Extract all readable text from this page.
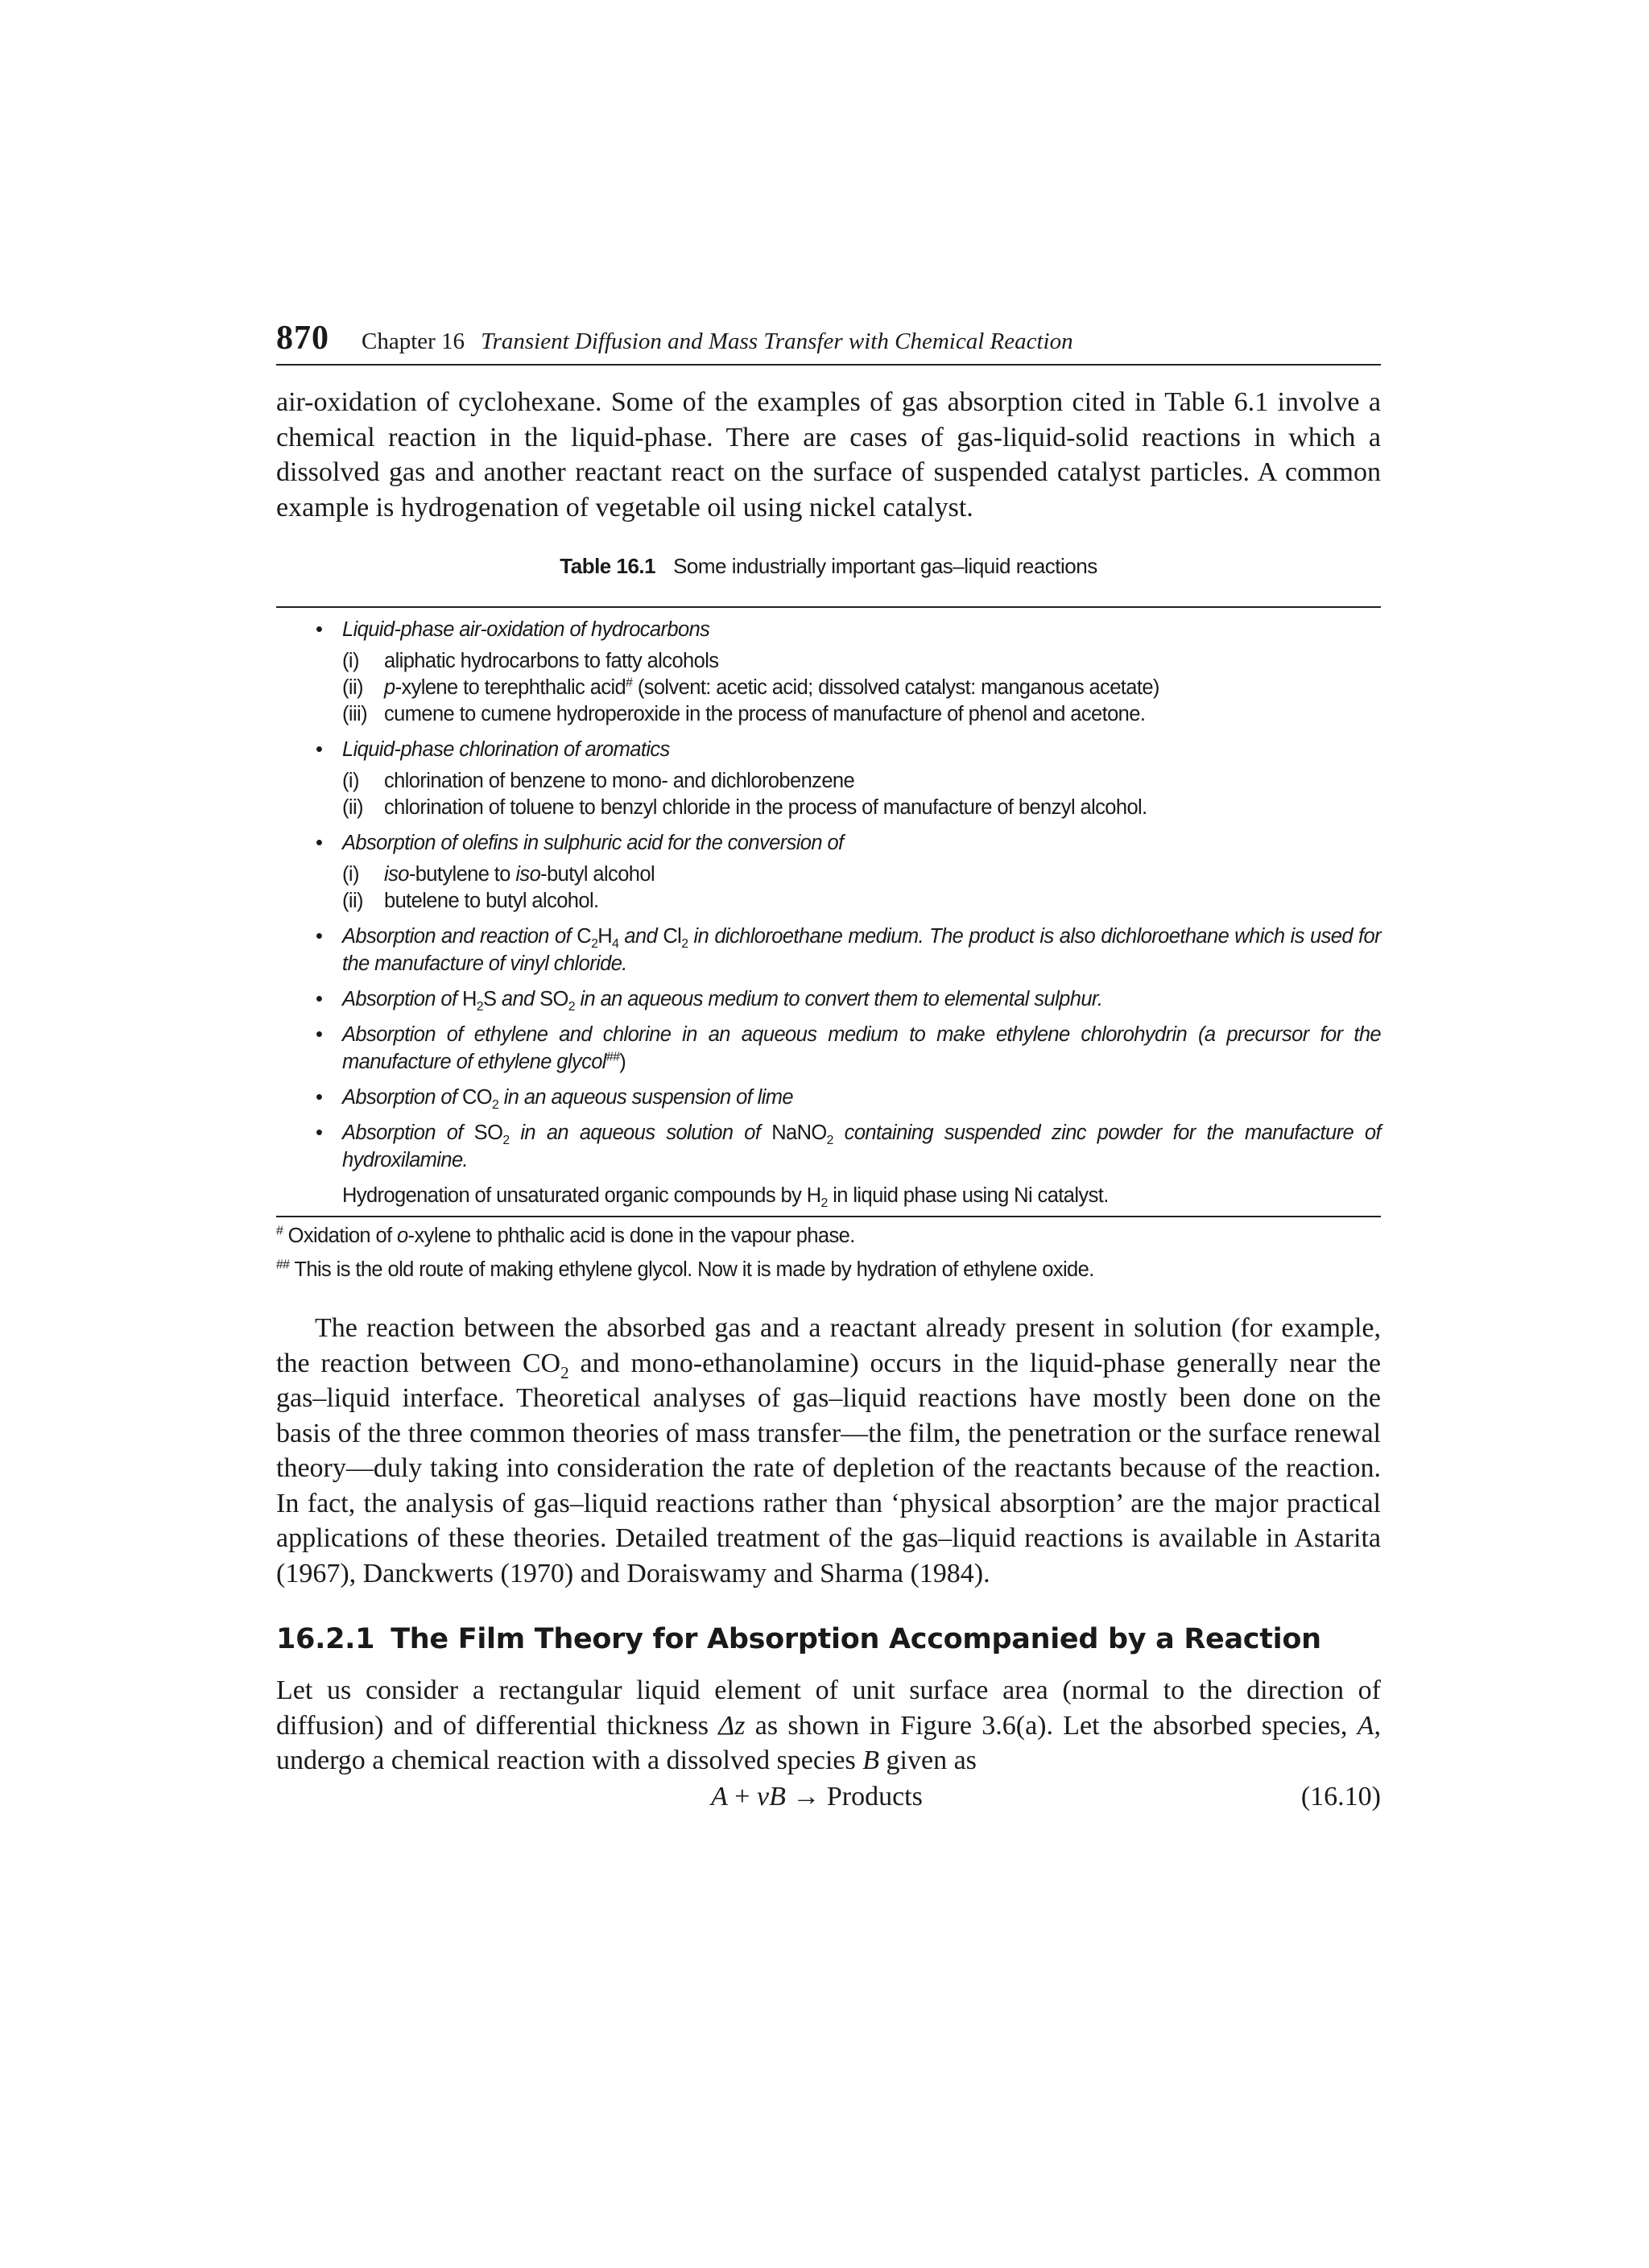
870 Chapter 16 Transient Diffusion and Mass Transfer with Chemical Reaction

air-oxidation of cyclohexane. Some of the examples of gas absorption cited in Table 6.1 involve a chemical reaction in the liquid-phase. There are cases of gas-liquid-solid reactions in which a dissolved gas and another reactant react on the surface of suspended catalyst particles. A common example is hydrogenation of vegetable oil using nickel catalyst.

Table 16.1 Some industrially important gas–liquid reactions
• Liquid-phase air-oxidation of hydrocarbons
(i)	aliphatic hydrocarbons to fatty alcohols
(ii)	p-xylene to terephthalic acid# (solvent: acetic acid; dissolved catalyst: manganous acetate)
(iii) cumene to cumene hydroperoxide in the process of manufacture of phenol and acetone.
• Liquid-phase chlorination of aromatics
(i)	chlorination of benzene to mono- and dichlorobenzene
(ii)	chlorination of toluene to benzyl chloride in the process of manufacture of benzyl alcohol.
• Absorption of olefins in sulphuric acid for the conversion of
(i)	iso-butylene to iso-butyl alcohol
(ii)	butelene to butyl alcohol.
• Absorption and reaction of $C_2H_4$ and $Cl_2$ in dichloroethane medium. The product is also dichloroethane which is used for the manufacture of vinyl chloride.
• Absorption of $H_2S$ and $SO_2$ in an aqueous medium to convert them to elemental sulphur.
• Absorption of ethylene and chlorine in an aqueous medium to make ethylene chlorohydrin (a precursor for the manufacture of ethylene glycol##)
• Absorption of $CO_2$ in an aqueous suspension of lime
• Absorption of $SO_2$ in an aqueous solution of NaNO$_2$ containing suspended zinc powder for the manufacture of hydroxilamine.
Hydrogenation of unsaturated organic compounds by $H_2$ in liquid phase using Ni catalyst.
# Oxidation of o-xylene to phthalic acid is done in the vapour phase.
## This is the old route of making ethylene glycol. Now it is made by hydration of ethylene oxide.

The reaction between the absorbed gas and a reactant already present in solution (for example, the reaction between $CO_2$ and mono-ethanolamine) occurs in the liquid-phase generally near the gas–liquid interface. Theoretical analyses of gas–liquid reactions have mostly been done on the basis of the three common theories of mass transfer—the film, the penetration or the surface renewal theory—duly taking into consideration the rate of depletion of the reactants because of the reaction. In fact, the analysis of gas–liquid reactions rather than ‘physical absorption’ are the major practical applications of these theories. Detailed treatment of the gas–liquid reactions is available in Astarita (1967), Danckwerts (1970) and Doraiswamy and Sharma (1984).

16.2.1 The Film Theory for Absorption Accompanied by a Reaction

Let us consider a rectangular liquid element of unit surface area (normal to the direction of diffusion) and of differential thickness Δz as shown in Figure 3.6(a). Let the absorbed species, A, undergo a chemical reaction with a dissolved species B given as

A + νB → Products	(16.10)
